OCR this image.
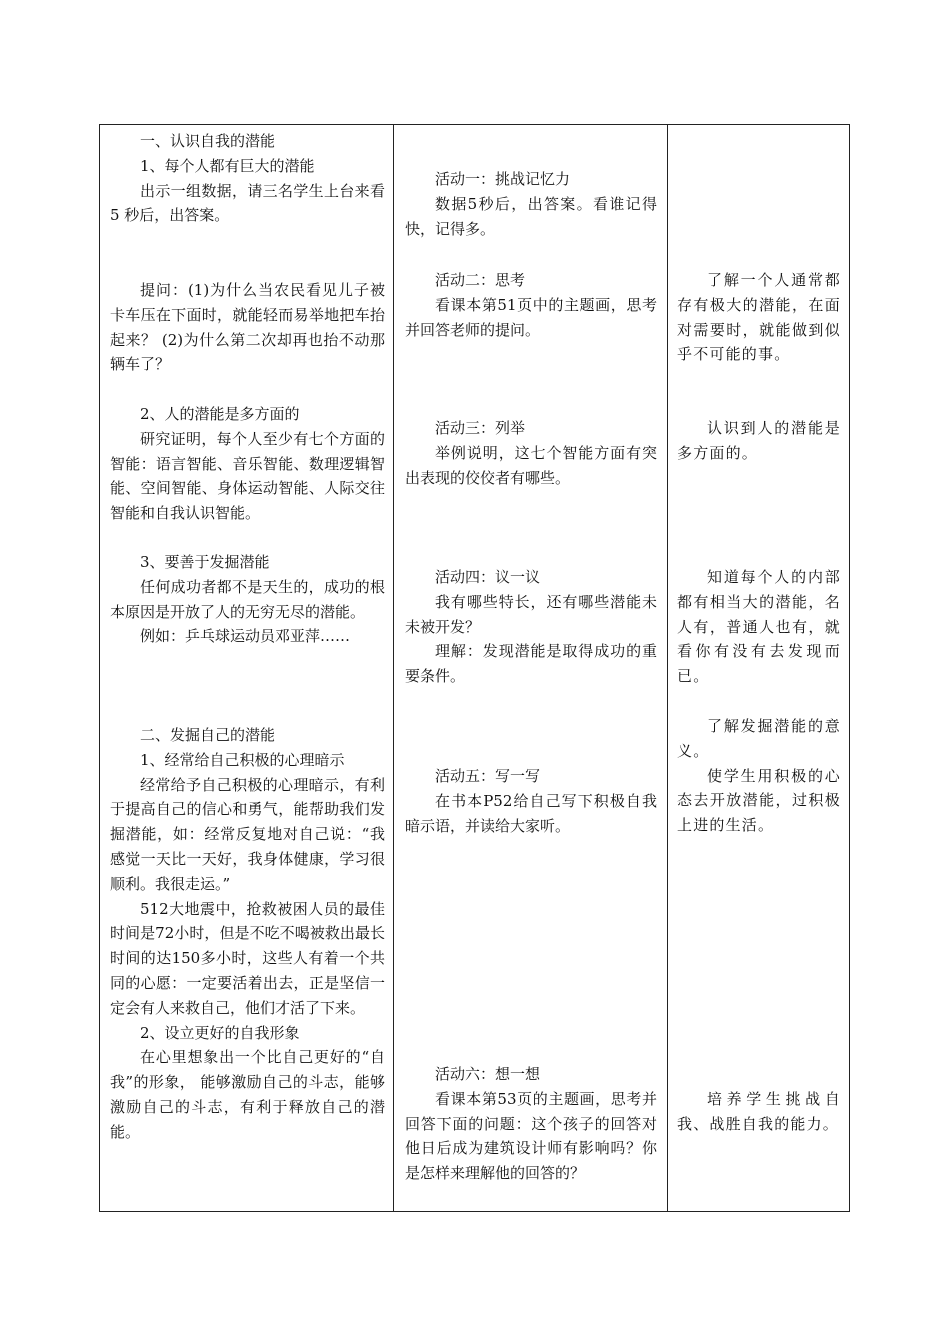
一、认识自我的潜能

1、每个人都有巨大的潜能

出示一组数据，请三名学生上台来看 5 秒后，出答案。

提问：(1)为什么当农民看见儿子被卡车压在下面时，就能轻而易举地把车抬起来？ (2)为什么第二次却再也抬不动那辆车了？

2、人的潜能是多方面的

研究证明，每个人至少有七个方面的智能：语言智能、音乐智能、数理逻辑智能、空间智能、身体运动智能、人际交往智能和自我认识智能。

3、要善于发掘潜能

任何成功者都不是天生的，成功的根本原因是开放了人的无穷无尽的潜能。

例如：乒乓球运动员邓亚萍……

二、发掘自己的潜能

1、经常给自己积极的心理暗示

经常给予自己积极的心理暗示，有利于提高自己的信心和勇气，能帮助我们发掘潜能，如：经常反复地对自己说：“我感觉一天比一天好，我身体健康，学习很顺利。我很走运。”

512大地震中，抢救被困人员的最佳时间是72小时，但是不吃不喝被救出最长时间的达150多小时，这些人有着一个共同的心愿：一定要活着出去，正是坚信一定会有人来救自己，他们才活了下来。

2、设立更好的自我形象

在心里想象出一个比自己更好的“自我”的形象， 能够激励自己的斗志，能够激励自己的斗志，有利于释放自己的潜能。

活动一：挑战记忆力

数据5秒后，出答案。看谁记得快，记得多。

活动二：思考

看课本第51页中的主题画，思考并回答老师的提问。

活动三：列举

举例说明，这七个智能方面有突出表现的佼佼者有哪些。

活动四：议一议

我有哪些特长，还有哪些潜能未未被开发？

理解：发现潜能是取得成功的重要条件。

活动五：写一写

在书本P52给自己写下积极自我暗示语，并读给大家听。

活动六：想一想

看课本第53页的主题画，思考并回答下面的问题：这个孩子的回答对他日后成为建筑设计师有影响吗？你是怎样来理解他的回答的？

了解一个人通常都存有极大的潜能，在面对需要时，就能做到似乎不可能的事。

认识到人的潜能是多方面的。

知道每个人的内部都有相当大的潜能，名人有，普通人也有，就看你有没有去发现而已。

了解发掘潜能的意义。

使学生用积极的心态去开放潜能，过积极上进的生活。

培养学生挑战自我、战胜自我的能力。
